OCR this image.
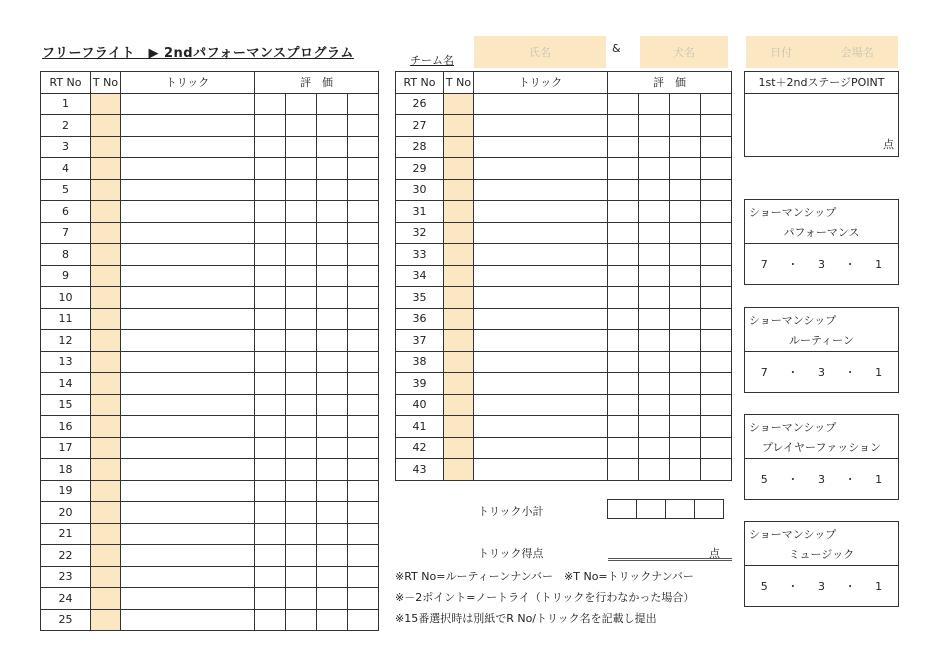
フリーフライト　▶ 2ndパフォーマンスプログラム	チーム名
氏名	&	犬名	日付	会場名
RT No	T No	トリック	評　価			
1						
2						
3						
4						
5						
6						
7						
8						
9						
10						
11						
12						
13						
14						
15						
16						
17						
18						
19						
20						
21						
22						
23						
24						
25						
RT No	T No	トリック	評　価			
26						
27						
28						
29						
30						
31						
32						
33						
34						
35						
36						
37						
38						
39						
40						
41						
42						
43						
1st＋2ndステージPOINT
点
ショーマンシップ
パフォーマンス
7 ・ 3 ・ 1
ショーマンシップ
ルーティーン
7 ・ 3 ・ 1
ショーマンシップ
プレイヤーファッション
5 ・ 3 ・ 1
ショーマンシップ
ミュージック
5 ・ 3 ・ 1
トリック小計
トリック得点	点
※RT No=ルーティーンナンバー　※T No=トリックナンバー
※－2ポイント=ノートライ（トリックを行わなかった場合）
※15番選択時は別紙でR No/トリック名を記載し提出
